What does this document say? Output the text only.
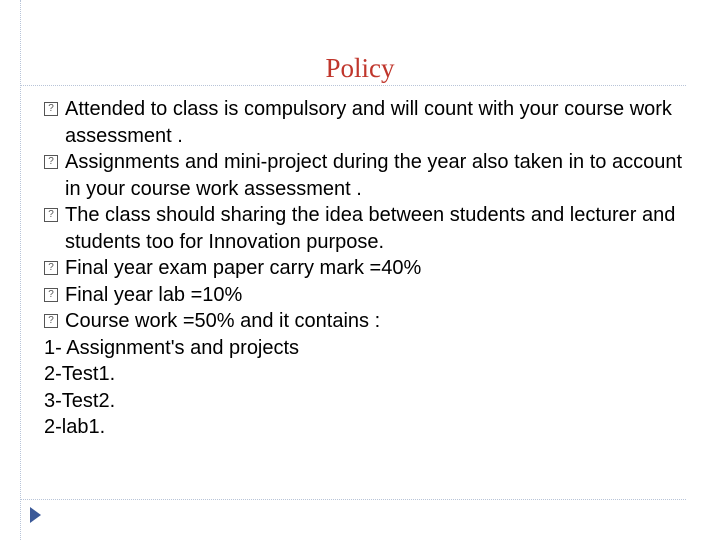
Policy
? Attended to class is compulsory and will count with your course work assessment .
? Assignments and mini-project during the year also taken in to account in your course work assessment .
? The class should sharing the idea between students and lecturer and students too for Innovation purpose.
? Final year exam paper carry mark =40%
? Final year lab =10%
? Course work =50% and it contains :
1- Assignment's and projects
2-Test1.
3-Test2.
2-lab1.
